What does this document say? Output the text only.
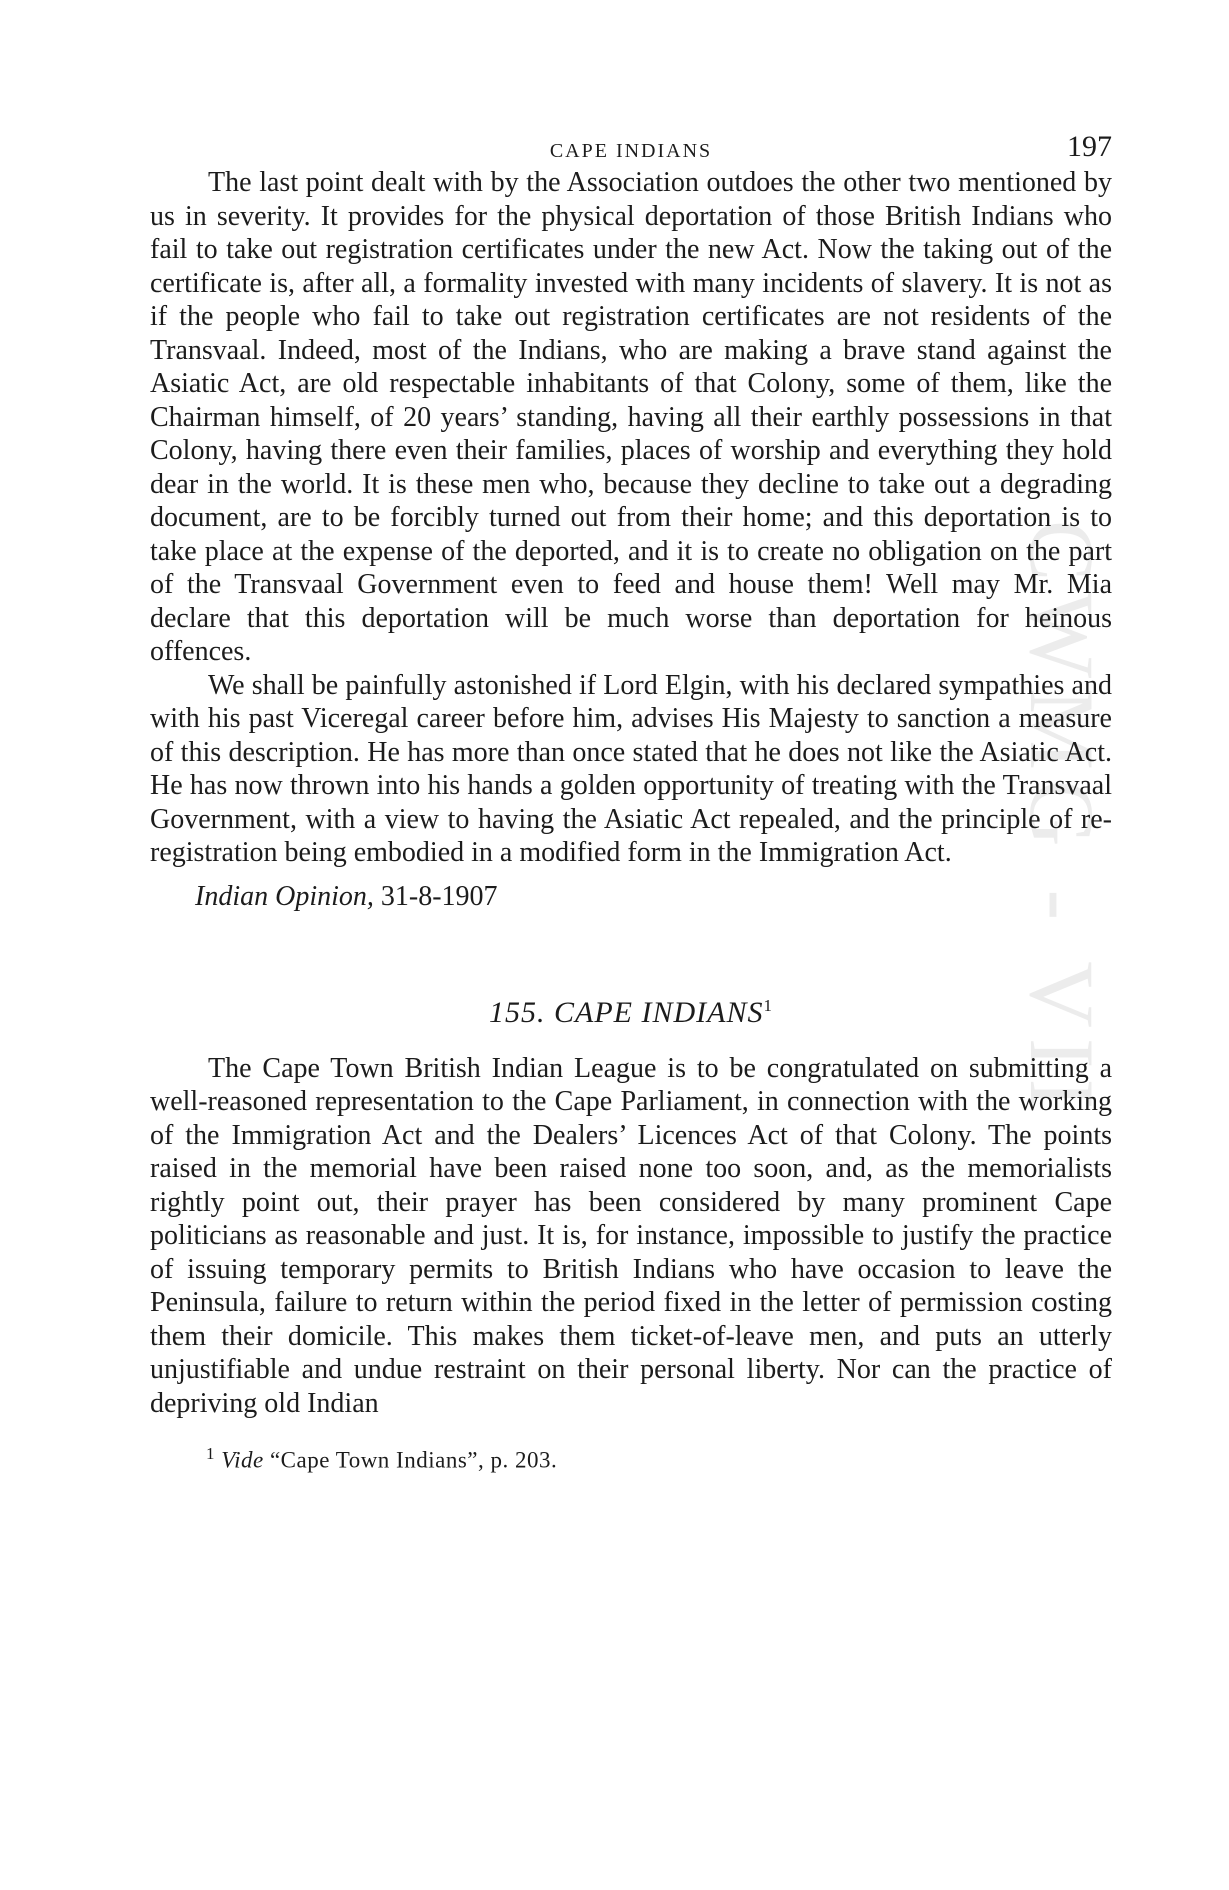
CWMG - VII
CAPE INDIANS	197

The last point dealt with by the Association outdoes the other two mentioned by us in severity. It provides for the physical deportation of those British Indians who fail to take out registration certificates under the new Act. Now the taking out of the certificate is, after all, a formality invested with many incidents of slavery. It is not as if the people who fail to take out registration certificates are not residents of the Transvaal. Indeed, most of the Indians, who are making a brave stand against the Asiatic Act, are old respectable inhabitants of that Colony, some of them, like the Chairman himself, of 20 years’ standing, having all their earthly possessions in that Colony, having there even their families, places of worship and everything they hold dear in the world. It is these men who, because they decline to take out a degrading document, are to be forcibly turned out from their home; and this deportation is to take place at the expense of the deported, and it is to create no obligation on the part of the Transvaal Government even to feed and house them! Well may Mr. Mia declare that this deportation will be much worse than deportation for heinous offences.

We shall be painfully astonished if Lord Elgin, with his declared sympathies and with his past Viceregal career before him, advises His Majesty to sanction a measure of this description. He has more than once stated that he does not like the Asiatic Act. He has now thrown into his hands a golden opportunity of treating with the Transvaal Government, with a view to having the Asiatic Act repealed, and the principle of re-registration being embodied in a modified form in the Immigration Act.

Indian Opinion, 31-8-1907
155. CAPE INDIANS$^1$

The Cape Town British Indian League is to be congratulated on submitting a well-reasoned representation to the Cape Parliament, in connection with the working of the Immigration Act and the Dealers’ Licences Act of that Colony. The points raised in the memorial have been raised none too soon, and, as the memorialists rightly point out, their prayer has been considered by many prominent Cape politicians as reasonable and just. It is, for instance, impossible to justify the practice of issuing temporary permits to British Indians who have occasion to leave the Peninsula, failure to return within the period fixed in the letter of permission costing them their domicile. This makes them ticket-of-leave men, and puts an utterly unjustifiable and undue restraint on their personal liberty. Nor can the practice of depriving old Indian

$^1$ Vide “Cape Town Indians”, p. 203.
